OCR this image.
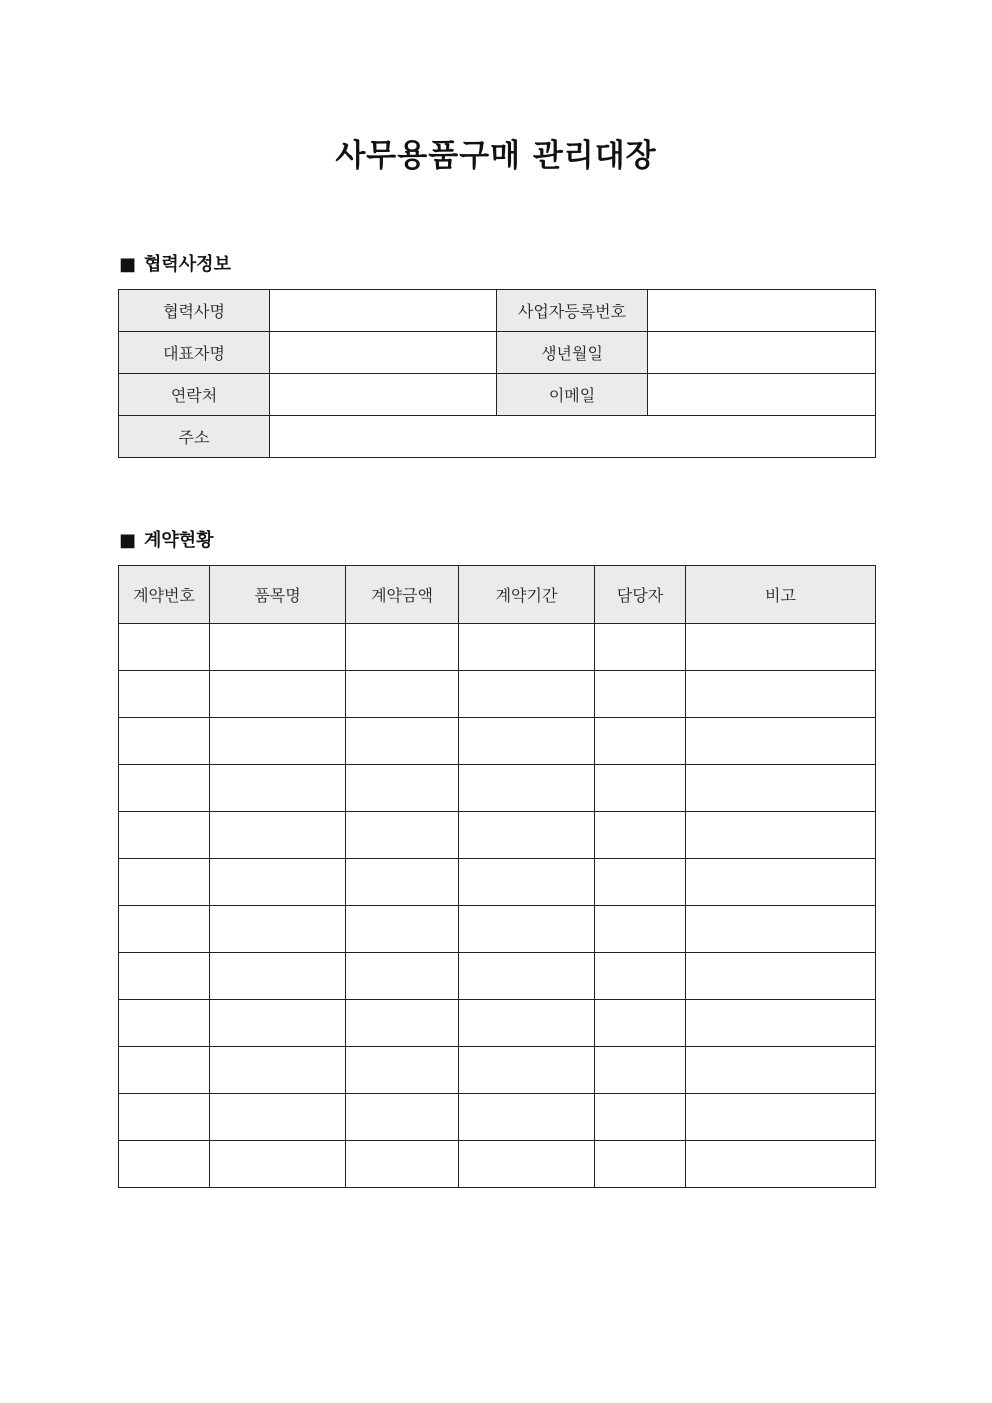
사무용품구매 관리대장
■ 협력사정보
협력사명		사업자등록번호	
대표자명		생년월일	
연락처		이메일	
주소			
■ 계약현황
계약번호	품목명	계약금액	계약기간	담당자	비고
